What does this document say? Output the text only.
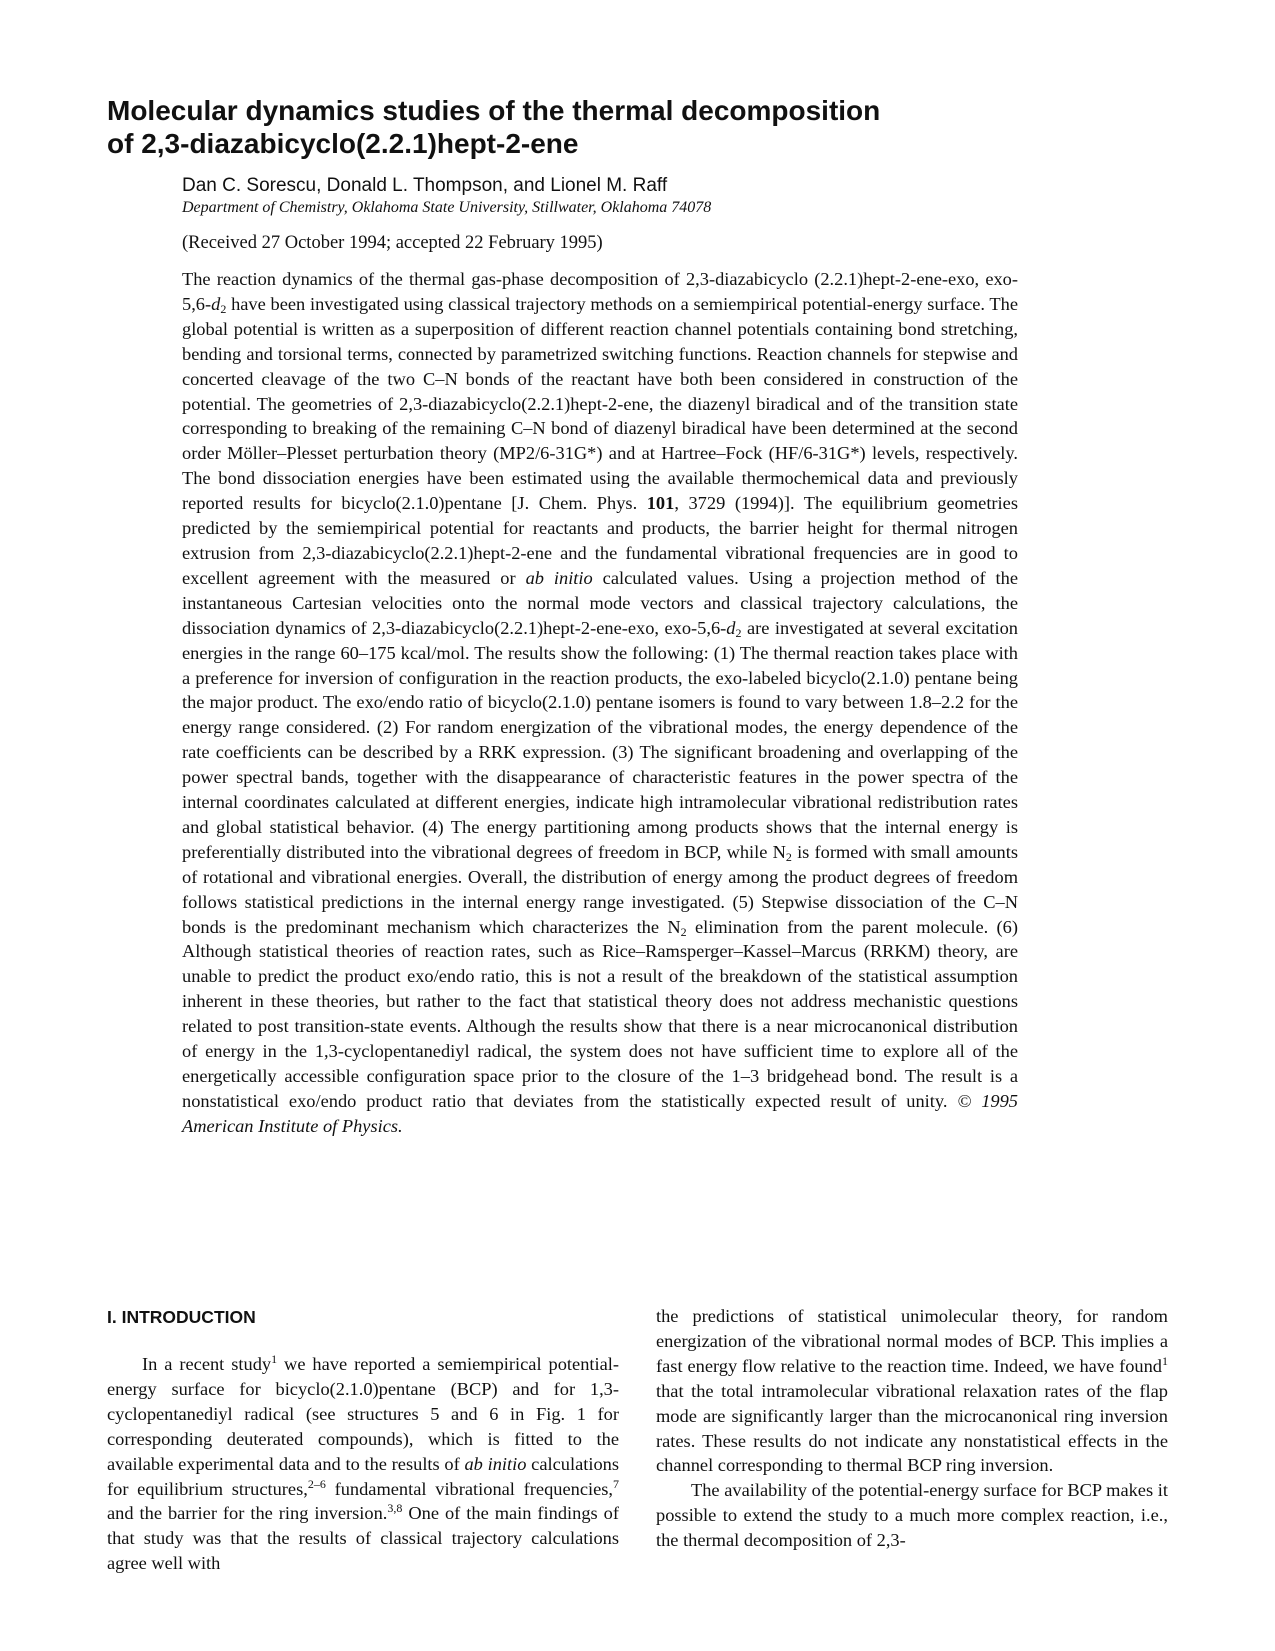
Molecular dynamics studies of the thermal decomposition
of 2,3-diazabicyclo(2.2.1)hept-2-ene
Dan C. Sorescu, Donald L. Thompson, and Lionel M. Raff
Department of Chemistry, Oklahoma State University, Stillwater, Oklahoma 74078
(Received 27 October 1994; accepted 22 February 1995)
The reaction dynamics of the thermal gas-phase decomposition of 2,3-diazabicyclo (2.2.1)hept-2-ene-exo, exo-$5,6-d_2$ have been investigated using classical trajectory methods on a semiempirical potential-energy surface. The global potential is written as a superposition of different reaction channel potentials containing bond stretching, bending and torsional terms, connected by parametrized switching functions. Reaction channels for stepwise and concerted cleavage of the two C–N bonds of the reactant have both been considered in construction of the potential. The geometries of 2,3-diazabicyclo(2.2.1)hept-2-ene, the diazenyl biradical and of the transition state corresponding to breaking of the remaining C–N bond of diazenyl biradical have been determined at the second order Möller–Plesset perturbation theory (MP2/6-31G*) and at Hartree–Fock (HF/6-31G*) levels, respectively. The bond dissociation energies have been estimated using the available thermochemical data and previously reported results for bicyclo(2.1.0)pentane [J. Chem. Phys. 101, 3729 (1994)]. The equilibrium geometries predicted by the semiempirical potential for reactants and products, the barrier height for thermal nitrogen extrusion from 2,3-diazabicyclo(2.2.1)hept-2-ene and the fundamental vibrational frequencies are in good to excellent agreement with the measured or ab initio calculated values. Using a projection method of the instantaneous Cartesian velocities onto the normal mode vectors and classical trajectory calculations, the dissociation dynamics of 2,3-diazabicyclo(2.2.1)hept-2-ene-exo, exo-$5,6-d_2$ are investigated at several excitation energies in the range 60–175 kcal/mol. The results show the following: (1) The thermal reaction takes place with a preference for inversion of configuration in the reaction products, the exo-labeled bicyclo(2.1.0) pentane being the major product. The exo/endo ratio of bicyclo(2.1.0) pentane isomers is found to vary between 1.8–2.2 for the energy range considered. (2) For random energization of the vibrational modes, the energy dependence of the rate coefficients can be described by a RRK expression. (3) The significant broadening and overlapping of the power spectral bands, together with the disappearance of characteristic features in the power spectra of the internal coordinates calculated at different energies, indicate high intramolecular vibrational redistribution rates and global statistical behavior. (4) The energy partitioning among products shows that the internal energy is preferentially distributed into the vibrational degrees of freedom in BCP, while $N_2$ is formed with small amounts of rotational and vibrational energies. Overall, the distribution of energy among the product degrees of freedom follows statistical predictions in the internal energy range investigated. (5) Stepwise dissociation of the C–N bonds is the predominant mechanism which characterizes the $N_2$ elimination from the parent molecule. (6) Although statistical theories of reaction rates, such as Rice–Ramsperger–Kassel–Marcus (RRKM) theory, are unable to predict the product exo/endo ratio, this is not a result of the breakdown of the statistical assumption inherent in these theories, but rather to the fact that statistical theory does not address mechanistic questions related to post transition-state events. Although the results show that there is a near microcanonical distribution of energy in the 1,3-cyclopentanediyl radical, the system does not have sufficient time to explore all of the energetically accessible configuration space prior to the closure of the 1–3 bridgehead bond. The result is a nonstatistical exo/endo product ratio that deviates from the statistically expected result of unity. © 1995 American Institute of Physics.
I. INTRODUCTION

In a recent study$^1$ we have reported a semiempirical potential-energy surface for bicyclo(2.1.0)pentane (BCP) and for 1,3-cyclopentanediyl radical (see structures 5 and 6 in Fig. 1 for corresponding deuterated compounds), which is fitted to the available experimental data and to the results of ab initio calculations for equilibrium structures,$^{2-6}$ fundamental vibrational frequencies,$^7$ and the barrier for the ring inversion.$^{3,8}$ One of the main findings of that study was that the results of classical trajectory calculations agree well with

the predictions of statistical unimolecular theory, for random energization of the vibrational normal modes of BCP. This implies a fast energy flow relative to the reaction time. Indeed, we have found$^1$ that the total intramolecular vibrational relaxation rates of the flap mode are significantly larger than the microcanonical ring inversion rates. These results do not indicate any nonstatistical effects in the channel corresponding to thermal BCP ring inversion.

The availability of the potential-energy surface for BCP makes it possible to extend the study to a much more complex reaction, i.e., the thermal decomposition of 2,3-
